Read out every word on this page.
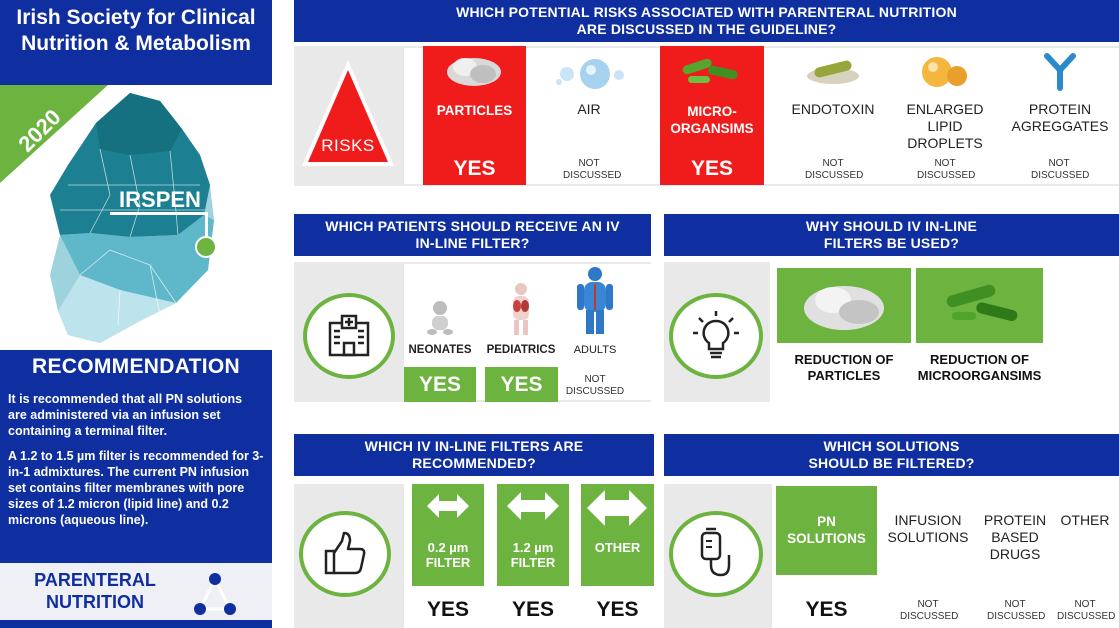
Irish Society for Clinical Nutrition & Metabolism
2020
IRSPEN
RECOMMENDATION

It is recommended that all PN solutions are administered via an infusion set containing a terminal filter.

A 1.2 to 1.5 µm filter is recommended for 3-in-1 admixtures. The current PN infusion set contains filter membranes with pore sizes of 1.2 micron (lipid line) and 0.2 microns (aqueous line).

PARENTERAL NUTRITION
WHICH POTENTIAL RISKS ASSOCIATED WITH PARENTERAL NUTRITION ARE DISCUSSED IN THE GUIDELINE?
RISKS
PARTICLES
YES
AIR
NOT DISCUSSED
MICRO-ORGANSIMS
YES
ENDOTOXIN
NOT DISCUSSED
ENLARGED LIPID DROPLETS
NOT DISCUSSED
PROTEIN AGREGGATES
NOT DISCUSSED
WHICH PATIENTS SHOULD RECEIVE AN IV IN-LINE FILTER?
NEONATES
YES
PEDIATRICS
YES
ADULTS
NOT DISCUSSED
WHY SHOULD IV IN-LINE FILTERS BE USED?
REDUCTION OF PARTICLES
REDUCTION OF MICROORGANSIMS
WHICH IV IN-LINE FILTERS ARE RECOMMENDED?
0.2 µm FILTER
YES
1.2 µm FILTER
YES
OTHER
YES
WHICH SOLUTIONS SHOULD BE FILTERED?
PN SOLUTIONS
YES
INFUSION SOLUTIONS
NOT DISCUSSED
PROTEIN BASED DRUGS
NOT DISCUSSED
OTHER
NOT DISCUSSED
